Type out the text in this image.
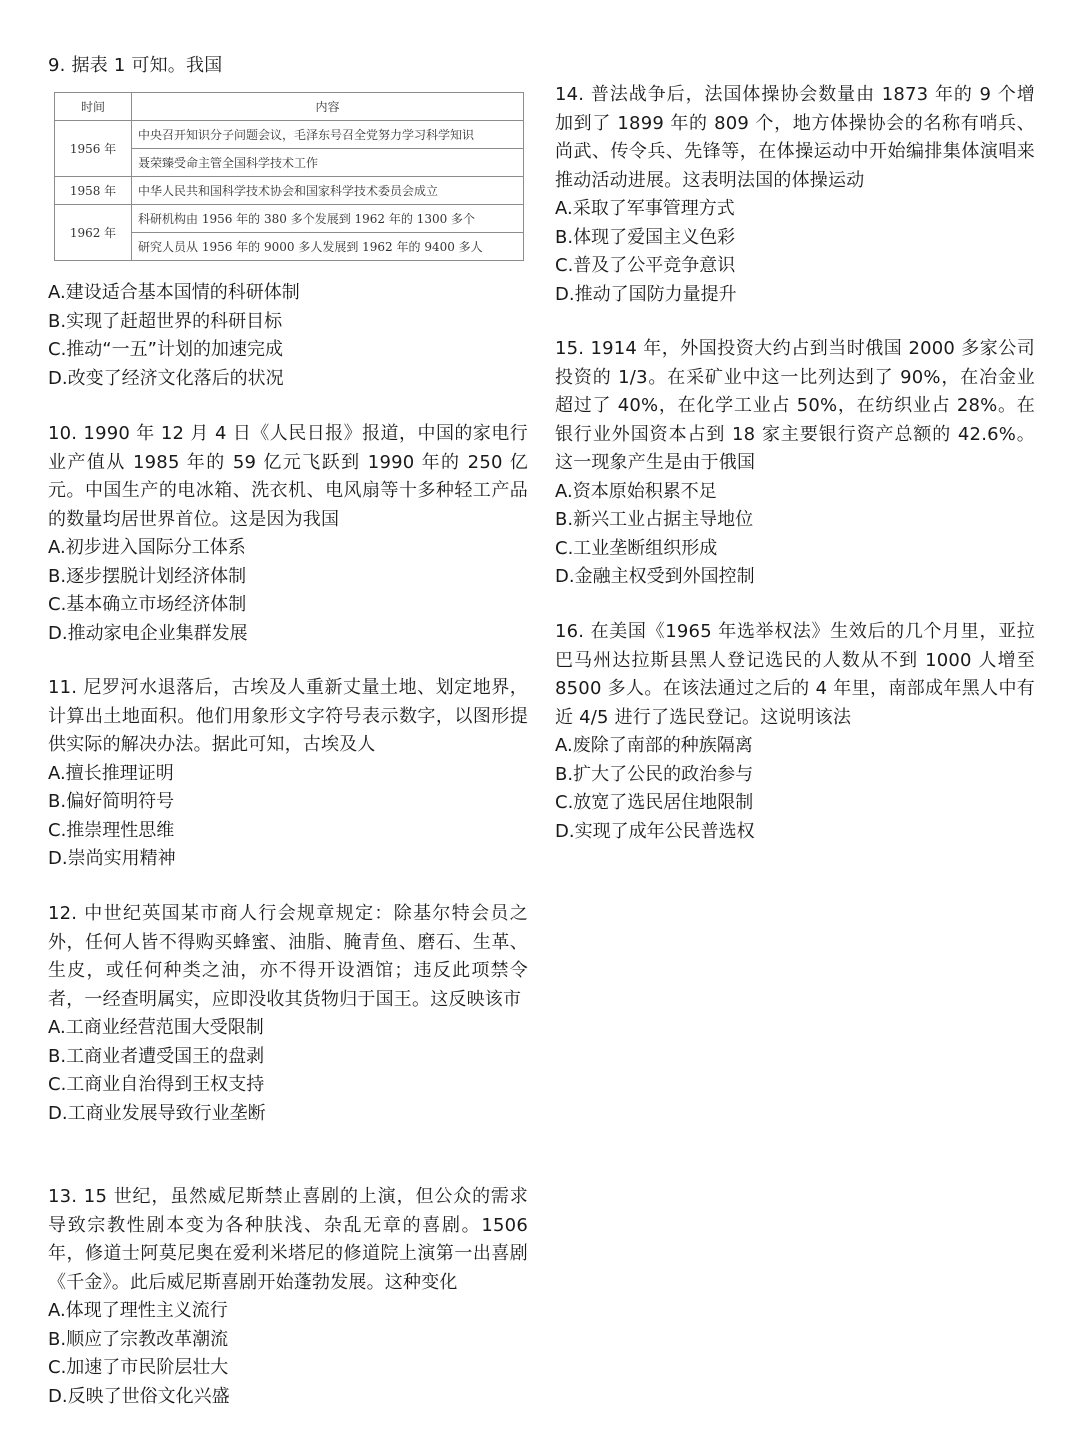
9. 据表 1 可知。我国

时间	内容
1956 年	中央召开知识分子问题会议，毛泽东号召全党努力学习科学知识
	聂荣臻受命主管全国科学技术工作
1958 年	中华人民共和国科学技术协会和国家科学技术委员会成立
1962 年	科研机构由 1956 年的 380 多个发展到 1962 年的 1300 多个
	研究人员从 1956 年的 9000 多人发展到 1962 年的 9400 多人

A.建设适合基本国情的科研体制

B.实现了赶超世界的科研目标

C.推动“一五”计划的加速完成

D.改变了经济文化落后的状况

10. 1990 年 12 月 4 日《人民日报》报道，中国的家电行业产值从 1985 年的 59 亿元飞跃到 1990 年的 250 亿元。中国生产的电冰箱、洗衣机、电风扇等十多种轻工产品的数量均居世界首位。这是因为我国

A.初步进入国际分工体系

B.逐步摆脱计划经济体制

C.基本确立市场经济体制

D.推动家电企业集群发展

11. 尼罗河水退落后，古埃及人重新丈量土地、划定地界，计算出土地面积。他们用象形文字符号表示数字，以图形提供实际的解决办法。据此可知，古埃及人

A.擅长推理证明

B.偏好简明符号

C.推崇理性思维

D.崇尚实用精神

12. 中世纪英国某市商人行会规章规定：除基尔特会员之外，任何人皆不得购买蜂蜜、油脂、腌青鱼、磨石、生革、生皮，或任何种类之油，亦不得开设酒馆；违反此项禁令者，一经查明属实，应即没收其货物归于国王。这反映该市

A.工商业经营范围大受限制

B.工商业者遭受国王的盘剥

C.工商业自治得到王权支持

D.工商业发展导致行业垄断

13. 15 世纪，虽然威尼斯禁止喜剧的上演，但公众的需求导致宗教性剧本变为各种肤浅、杂乱无章的喜剧。1506 年，修道士阿莫尼奥在爱利米塔尼的修道院上演第一出喜剧《千金》。此后威尼斯喜剧开始蓬勃发展。这种变化

A.体现了理性主义流行

B.顺应了宗教改革潮流

C.加速了市民阶层壮大

D.反映了世俗文化兴盛

14. 普法战争后，法国体操协会数量由 1873 年的 9 个增加到了 1899 年的 809 个，地方体操协会的名称有哨兵、尚武、传令兵、先锋等，在体操运动中开始编排集体演唱来推动活动进展。这表明法国的体操运动

A.采取了军事管理方式

B.体现了爱国主义色彩

C.普及了公平竞争意识

D.推动了国防力量提升

15. 1914 年，外国投资大约占到当时俄国 2000 多家公司投资的 1/3。在采矿业中这一比列达到了 90%，在冶金业超过了 40%，在化学工业占 50%，在纺织业占 28%。在银行业外国资本占到 18 家主要银行资产总额的 42.6%。这一现象产生是由于俄国

A.资本原始积累不足

B.新兴工业占据主导地位

C.工业垄断组织形成

D.金融主权受到外国控制

16. 在美国《1965 年选举权法》生效后的几个月里，亚拉巴马州达拉斯县黑人登记选民的人数从不到 1000 人增至 8500 多人。在该法通过之后的 4 年里，南部成年黑人中有近 4/5 进行了选民登记。这说明该法

A.废除了南部的种族隔离

B.扩大了公民的政治参与

C.放宽了选民居住地限制

D.实现了成年公民普选权
